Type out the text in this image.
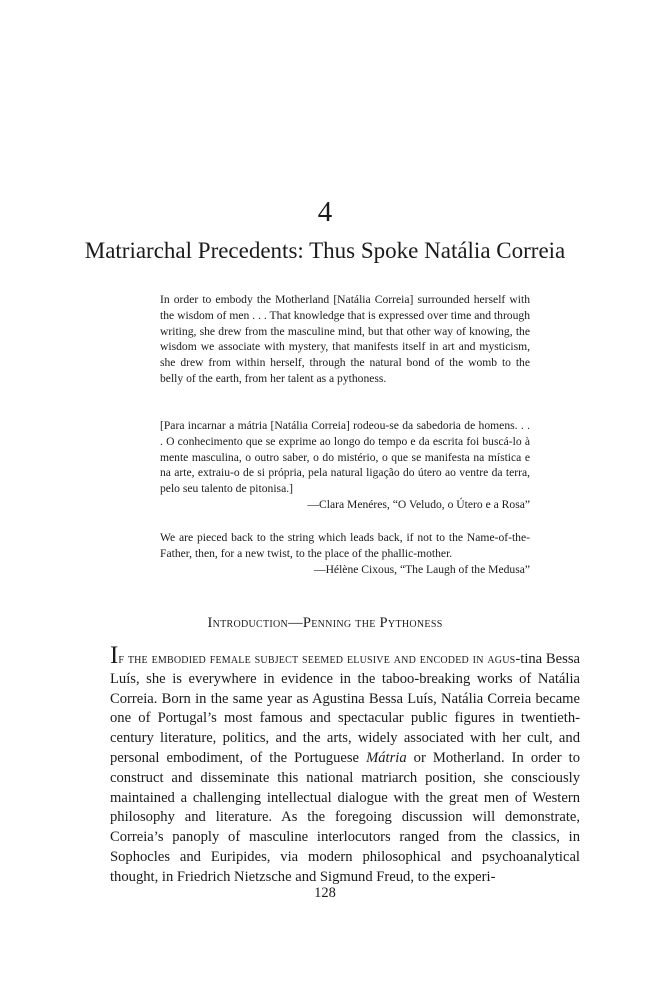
4
Matriarchal Precedents: Thus Spoke Natália Correia

In order to embody the Motherland [Natália Correia] surrounded herself with the wisdom of men . . . That knowledge that is expressed over time and through writing, she drew from the masculine mind, but that other way of knowing, the wisdom we associate with mystery, that manifests itself in art and mysticism, she drew from within herself, through the natural bond of the womb to the belly of the earth, from her talent as a pythoness.

[Para incarnar a mátria [Natália Correia] rodeou-se da sabedoria de homens. . . . O conhecimento que se exprime ao longo do tempo e da escrita foi buscá-lo à mente masculina, o outro saber, o do mistério, o que se manifesta na mística e na arte, extraiu-o de si própria, pela natural ligação do útero ao ventre da terra, pelo seu talento de pitonisa.]

—Clara Menéres, “O Veludo, o Útero e a Rosa”

We are pieced back to the string which leads back, if not to the Name-of-the-Father, then, for a new twist, to the place of the phallic-mother.

—Hélène Cixous, “The Laugh of the Medusa”

Introduction—Penning the Pythoness

If the embodied female subject seemed elusive and encoded in agus-tina Bessa Luís, she is everywhere in evidence in the taboo-breaking works of Natália Correia. Born in the same year as Agustina Bessa Luís, Natália Correia became one of Portugal’s most famous and spectacular public figures in twentieth-century literature, politics, and the arts, widely associated with her cult, and personal embodiment, of the Portuguese Mátria or Motherland. In order to construct and disseminate this national matriarch position, she consciously maintained a challenging intellectual dialogue with the great men of Western philosophy and literature. As the foregoing discussion will demonstrate, Correia’s panoply of masculine interlocutors ranged from the classics, in Sophocles and Euripides, via modern philosophical and psychoanalytical thought, in Friedrich Nietzsche and Sigmund Freud, to the experi-

128
